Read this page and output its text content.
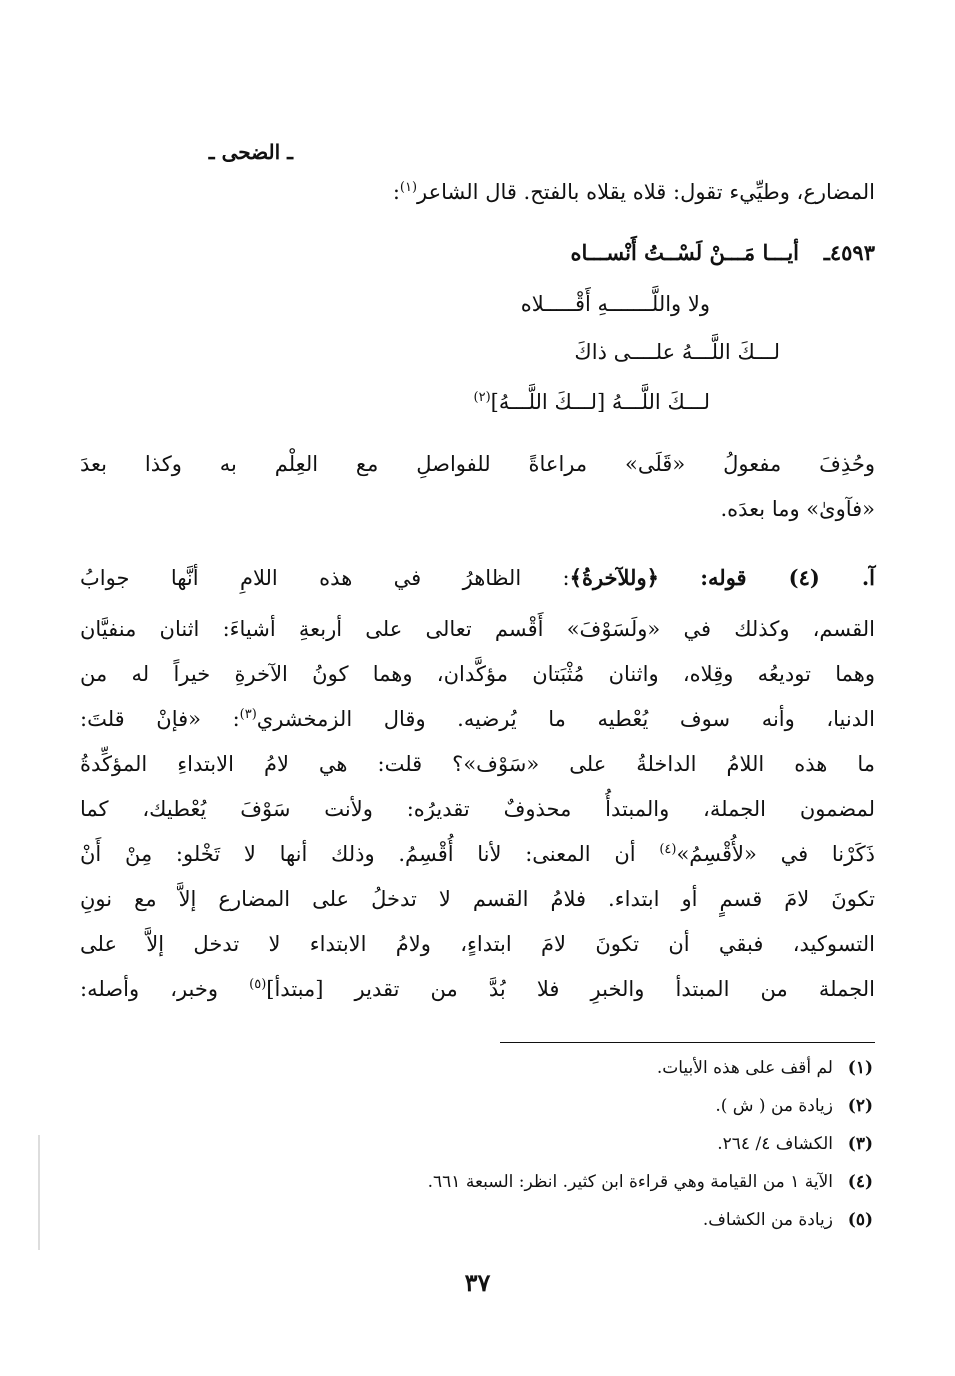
ـ الضحى ـ
المضارع، وطيِّيء تقول: قلاه يقلاه بالفتح. قال الشاعر$^{(١)}$:
٤٥٩٣ـ أيـــا مَـــنْ لَسْــتُ أَنْســـاه
ولا واللَّـــــــهِ أَقْـــــلاه
لـــكَ اللَّـــهُ علــــى ذاكَ
لـــكَ اللَّـــهُ [لـــكَ اللَّـــهُ]$^{(٢)}$
وحُذِفَ مفعولُ «قَلَى» مراعاةً للفواصلِ مع العِلْم به وكذا بعدَ
«فآوىٰ» وما بعدَه.
آ. (٤) قوله: ﴿وللآخرةُ﴾: الظاهرُ في هذه اللامِ أنَّها جوابُ
القسم، وكذلك في «ولَسَوْفَ» أَقْسم تعالى على أربعةِ أشياءَ: اثنان منفيَّان
وهما توديعُه وقِلاه، واثنان مُثْبَتان مؤكَّدان، وهما كونُ الآخرةِ خيراً له من
الدنيا، وأنه سوف يُعْطيه ما يُرضيه. وقال الزمخشري$^{(٣)}$: «فإنْ قلتَ:
ما هذه اللامُ الداخلةُ على «سَوْف»؟ قلت: هي لامُ الابتداءِ المؤكِّدةُ
لمضمون الجملة، والمبتدأُ محذوفٌ تقديرُه: ولأنت سَوْفَ يُعْطيك، كما
ذَكَرْنا في «لأُقْسِمُ»$^{(٤)}$ أن المعنى: لأنا أُقْسِمُ. وذلك أنها لا تَخْلو: مِنْ أَنْ
تكونَ لامَ قسمٍ أو ابتداء. فلامُ القسم لا تدخلُ على المضارع إلاَّ مع نونِ
التسوكيد، فبقي أن تكونَ لامَ ابتداءٍ، ولامُ الابتداء لا تدخل إلاَّ على
الجملة من المبتدأ والخبرِ فلا بُدَّ من تقدير [مبتدأ]$^{(٥)}$ وخبر، وأصله:
(١)لم أقف على هذه الأبيات.
(٢)زيادة من ( ش ).
(٣)الكشاف ٤/ ٢٦٤.
(٤)الآية ١ من القيامة وهي قراءة ابن كثير. انظر: السبعة ٦٦١.
(٥)زيادة من الكشاف.
٣٧
